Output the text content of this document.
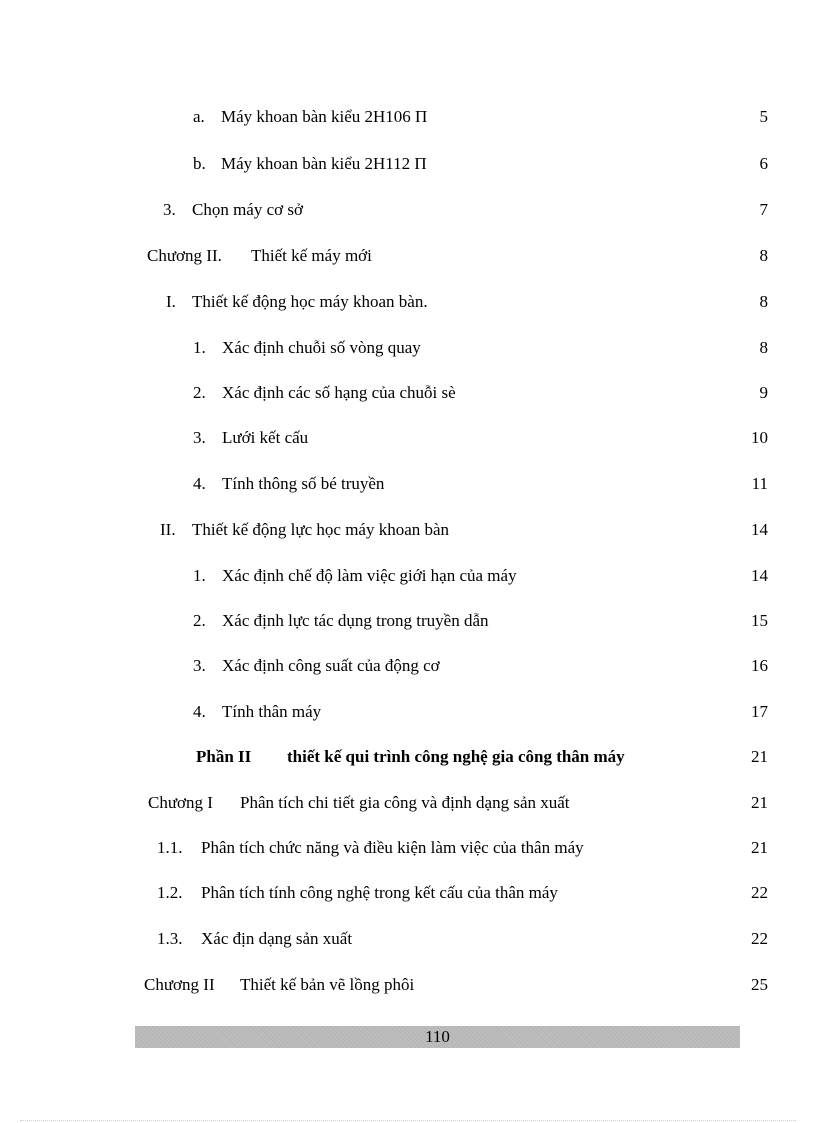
a. Máy khoan bàn kiểu 2H106 Π	5
b. Máy khoan bàn kiểu 2H112 Π	6
3. Chọn máy cơ sở	7
Chương II. Thiết kế máy mới	8
I. Thiết kế động học máy khoan bàn.	8
1. Xác định chuỗi số vòng quay	8
2. Xác định các số hạng của chuỗi sè	9
3. Lưới kết cấu	10
4. Tính thông số bé truyền	11
II. Thiết kế động lực học máy khoan bàn	14
1. Xác định chế độ làm việc giới hạn của máy	14
2. Xác định lực tác dụng trong truyền dẫn	15
3. Xác định công suất của động cơ	16
4. Tính thân máy	17
Phần II thiết kế qui trình công nghệ gia công thân máy	21
Chương I Phân tích chi tiết gia công và định dạng sản xuất	21
1.1. Phân tích chức năng và điều kiện làm việc của thân máy	21
1.2. Phân tích tính công nghệ trong kết cấu của thân máy	22
1.3. Xác địn dạng sản xuất	22
Chương II Thiết kế bản vẽ lồng phôi	25
110
